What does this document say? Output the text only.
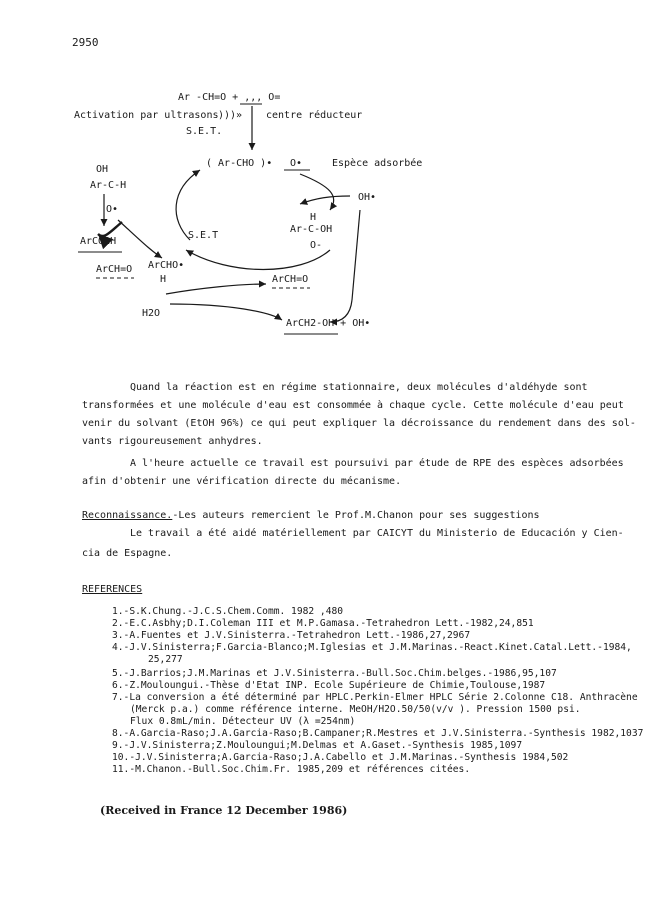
2950
Ar -CH=O + ,,, O=
Activation par ultrasons )))» centre réducteur
S.E.T.
( Ar-CHO )• O•	Espèce adsorbée
OH
Ar-C-H
O•
ArCO2H
ArCH=O ArCHO•
H
S.E.T
H
Ar-C-OH
O-
OH•
ArCH=O
H2O
ArCH2-OH + OH•
Quand la réaction est en régime stationnaire, deux molécules d'aldéhyde sont
transformées et une molécule d'eau est consommée à chaque cycle. Cette molécule d'eau peut
venir du solvant (EtOH 96%) ce qui peut expliquer la décroissance du rendement dans des sol-
vants rigoureusement anhydres.
A l'heure actuelle ce travail est poursuivi par étude de RPE des espèces adsorbées
afin d'obtenir une vérification directe du mécanisme.
Reconnaissance.-Les auteurs remercient le Prof.M.Chanon pour ses suggestions
Le travail a été aidé matériellement par CAICYT du Ministerio de Educación y Cien-
cia de Espagne.
REFERENCES
1.-S.K.Chung.-J.C.S.Chem.Comm. 1982 ,480
2.-E.C.Asbhy;D.I.Coleman III et M.P.Gamasa.-Tetrahedron Lett.-1982,24,851
3.-A.Fuentes et J.V.Sinisterra.-Tetrahedron Lett.-1986,27,2967
4.-J.V.Sinisterra;F.Garcia-Blanco;M.Iglesias et J.M.Marinas.-React.Kinet.Catal.Lett.-1984,
25,277
5.-J.Barrios;J.M.Marinas et J.V.Sinisterra.-Bull.Soc.Chim.belges.-1986,95,107
6.-Z.Mouloungui.-Thèse d'Etat INP. Ecole Supérieure de Chimie,Toulouse,1987
7.-La conversion a été déterminé par HPLC.Perkin-Elmer HPLC Série 2.Colonne C18. Anthracène
(Merck p.a.) comme référence interne. MeOH/H2O.50/50(v/v ). Pression 1500 psi.
Flux 0.8mL/min. Détecteur UV (λ =254nm)
8.-A.Garcia-Raso;J.A.Garcia-Raso;B.Campaner;R.Mestres et J.V.Sinisterra.-Synthesis 1982,1037
9.-J.V.Sinisterra;Z.Mouloungui;M.Delmas et A.Gaset.-Synthesis 1985,1097
10.-J.V.Sinisterra;A.Garcia-Raso;J.A.Cabello et J.M.Marinas.-Synthesis 1984,502
11.-M.Chanon.-Bull.Soc.Chim.Fr. 1985,209 et références citées.
(Received in France 12 December 1986)
